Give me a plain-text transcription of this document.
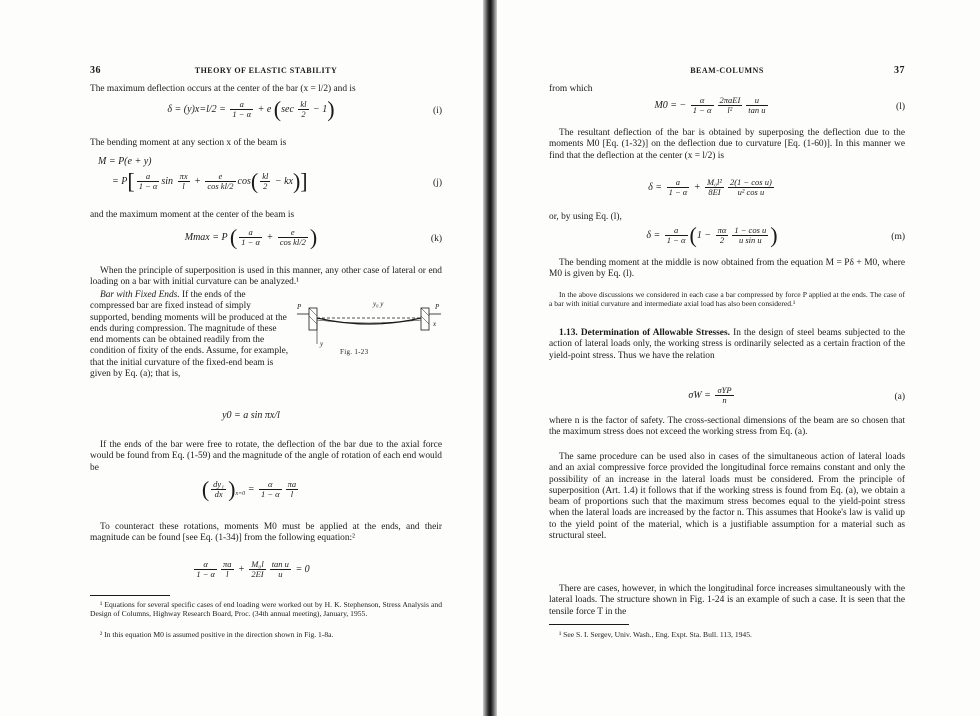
36	THEORY OF ELASTIC STABILITY
The maximum deflection occurs at the center of the bar (x = l/2) and is
$\delta = (y)x=l/2 = \frac{a}{1 - \alpha} + e$ $(\sec \frac{kl}{2} - 1)$	(i)
The bending moment at any section x of the beam is
M = P(e + y)
= $P[ \frac{a}{1 - \alpha}$ $\sin \frac{\pi x}{l} + \frac{e}{\text{cos kl/2}} \cos( \frac{kl}{2} - kx)$]	(j)
and the maximum moment at the center of the beam is
Mmax = P ( $\frac{a}{1 - \alpha} + \frac{e}{\text{cos kl/2}}$ )	(k)
When the principle of superposition is used in this manner, any other case of lateral or end loading on a bar with initial curvature can be analyzed.¹
Bar with Fixed Ends. If the ends of the compressed bar are fixed instead of simply supported, bending moments will be produced at the ends during compression. The magnitude of these end moments can be obtained readily from the condition of fixity of the ends. Assume, for example, that the initial curvature of the fixed-end beam is given by Eq. (a); that is,
P	P
y₀ y
x
y
Fig. 1-23
y0 = a sin πx/l
If the ends of the bar were free to rotate, the deflection of the bar due to the axial force would be found from Eq. (1-59) and the magnitude of the angle of rotation of each end would be
( $\frac{\text{dy₁}}{dx} )_{x=0} = \frac{\alpha}{1 - \alpha} \frac{\pi a}{l}$
To counteract these rotations, moments M0 must be applied at the ends, and their magnitude can be found [see Eq. (1-34)] from the following equation:²
$\frac{\alpha}{1 - \alpha} \frac{\pi a}{l} + \frac{\text{M₀l}}{2EI} \frac{\text{tan u}}{u} = 0$
¹ Equations for several specific cases of end loading were worked out by H. K. Stephenson, Stress Analysis and Design of Columns, Highway Research Board, Proc. (34th annual meeting), January, 1955.
² In this equation M0 is assumed positive in the direction shown in Fig. 1-8a.
BEAM-COLUMNS	37
from which
M0 = − $\frac{\alpha}{1 - \alpha} \frac{\text{2πaEI}}{\text{l²}} \frac{u}{\text{tan u}}$	(l)
The resultant deflection of the bar is obtained by superposing the deflection due to the moments M0 [Eq. (1-32)] on the deflection due to curvature [Eq. (1-60)]. In this manner we find that the deflection at the center (x = l/2) is
$\delta = \frac{a}{1 - \alpha} + \frac{\text{M₀l²}}{8EI} \frac{\text{2(1 − cos u)}}{\text{u² cos u}}$
or, by using Eq. (l),
$\delta = \frac{a}{1 - \alpha} (1 - \frac{\pi\alpha}{2} \frac{\text{1 − cos u}}{\text{u sin u}}$ )	(m)
The bending moment at the middle is now obtained from the equation M = Pδ + M0, where M0 is given by Eq. (l).
In the above discussions we considered in each case a bar compressed by force P applied at the ends. The case of a bar with initial curvature and intermediate axial load has also been considered.¹
1.13. Determination of Allowable Stresses. In the design of steel beams subjected to the action of lateral loads only, the working stress is ordinarily selected as a certain fraction of the yield-point stress. Thus we have the relation
$\sigma W = \frac{\text{σYP}}{n}$	(a)
where n is the factor of safety. The cross-sectional dimensions of the beam are so chosen that the maximum stress does not exceed the working stress from Eq. (a).
The same procedure can be used also in cases of the simultaneous action of lateral loads and an axial compressive force provided the longitudinal force remains constant and only the possibility of an increase in the lateral loads must be considered. From the principle of superposition (Art. 1.4) it follows that if the working stress is found from Eq. (a), we obtain a beam of proportions such that the maximum stress becomes equal to the yield-point stress when the lateral loads are increased by the factor n. This assumes that Hooke's law is valid up to the yield point of the material, which is a justifiable assumption for a material such as structural steel.
There are cases, however, in which the longitudinal force increases simultaneously with the lateral loads. The structure shown in Fig. 1-24 is an example of such a case. It is seen that the tensile force T in the
¹ See S. I. Sergev, Univ. Wash., Eng. Expt. Sta. Bull. 113, 1945.
